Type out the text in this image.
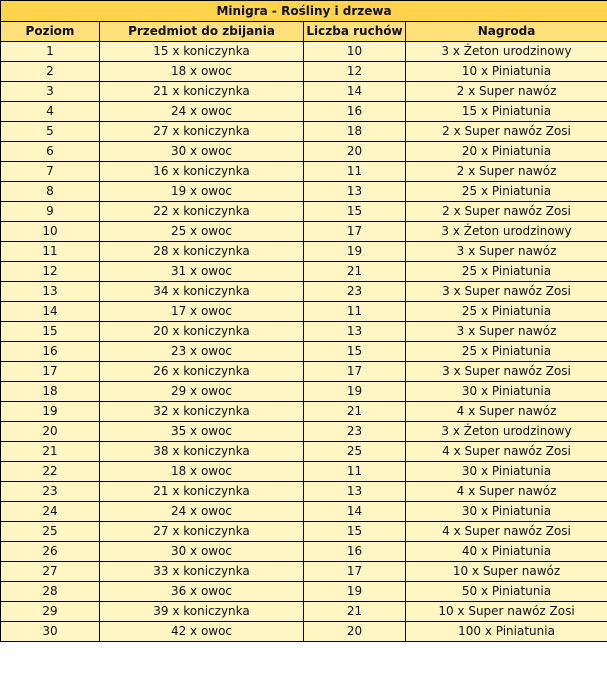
Minigra - Rośliny i drzewa			
Poziom	Przedmiot do zbijania	Liczba ruchów	Nagroda
1	15 x koniczynka	10	3 x Żeton urodzinowy
2	18 x owoc	12	10 x Piniatunia
3	21 x koniczynka	14	2 x Super nawóz
4	24 x owoc	16	15 x Piniatunia
5	27 x koniczynka	18	2 x Super nawóz Zosi
6	30 x owoc	20	20 x Piniatunia
7	16 x koniczynka	11	2 x Super nawóz
8	19 x owoc	13	25 x Piniatunia
9	22 x koniczynka	15	2 x Super nawóz Zosi
10	25 x owoc	17	3 x Żeton urodzinowy
11	28 x koniczynka	19	3 x Super nawóz
12	31 x owoc	21	25 x Piniatunia
13	34 x koniczynka	23	3 x Super nawóz Zosi
14	17 x owoc	11	25 x Piniatunia
15	20 x koniczynka	13	3 x Super nawóz
16	23 x owoc	15	25 x Piniatunia
17	26 x koniczynka	17	3 x Super nawóz Zosi
18	29 x owoc	19	30 x Piniatunia
19	32 x koniczynka	21	4 x Super nawóz
20	35 x owoc	23	3 x Żeton urodzinowy
21	38 x koniczynka	25	4 x Super nawóz Zosi
22	18 x owoc	11	30 x Piniatunia
23	21 x koniczynka	13	4 x Super nawóz
24	24 x owoc	14	30 x Piniatunia
25	27 x koniczynka	15	4 x Super nawóz Zosi
26	30 x owoc	16	40 x Piniatunia
27	33 x koniczynka	17	10 x Super nawóz
28	36 x owoc	19	50 x Piniatunia
29	39 x koniczynka	21	10 x Super nawóz Zosi
30	42 x owoc	20	100 x Piniatunia
